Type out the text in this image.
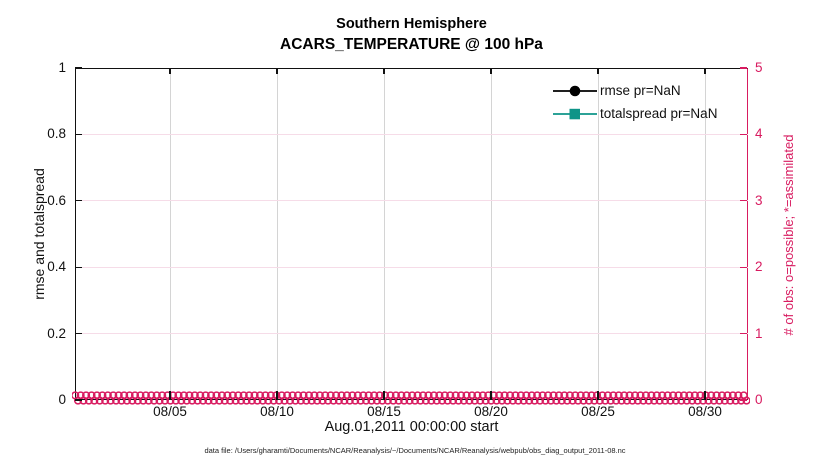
Southern Hemisphere
ACARS_TEMPERATURE @ 100 hPa
rmse and totalspread	# of obs: o=possible; *=assimilated
1
0.8
0.6
0.4
0.2
0
5
4
3
2
1
0
08/05	08/10	08/15	08/20	08/25	08/30
rmse pr=NaN
totalspread pr=NaN
Aug.01,2011 00:00:00 start
data file: /Users/gharamti/Documents/NCAR/Reanalysis/~/Documents/NCAR/Reanalysis/webpub/obs_diag_output_2011-08.nc
